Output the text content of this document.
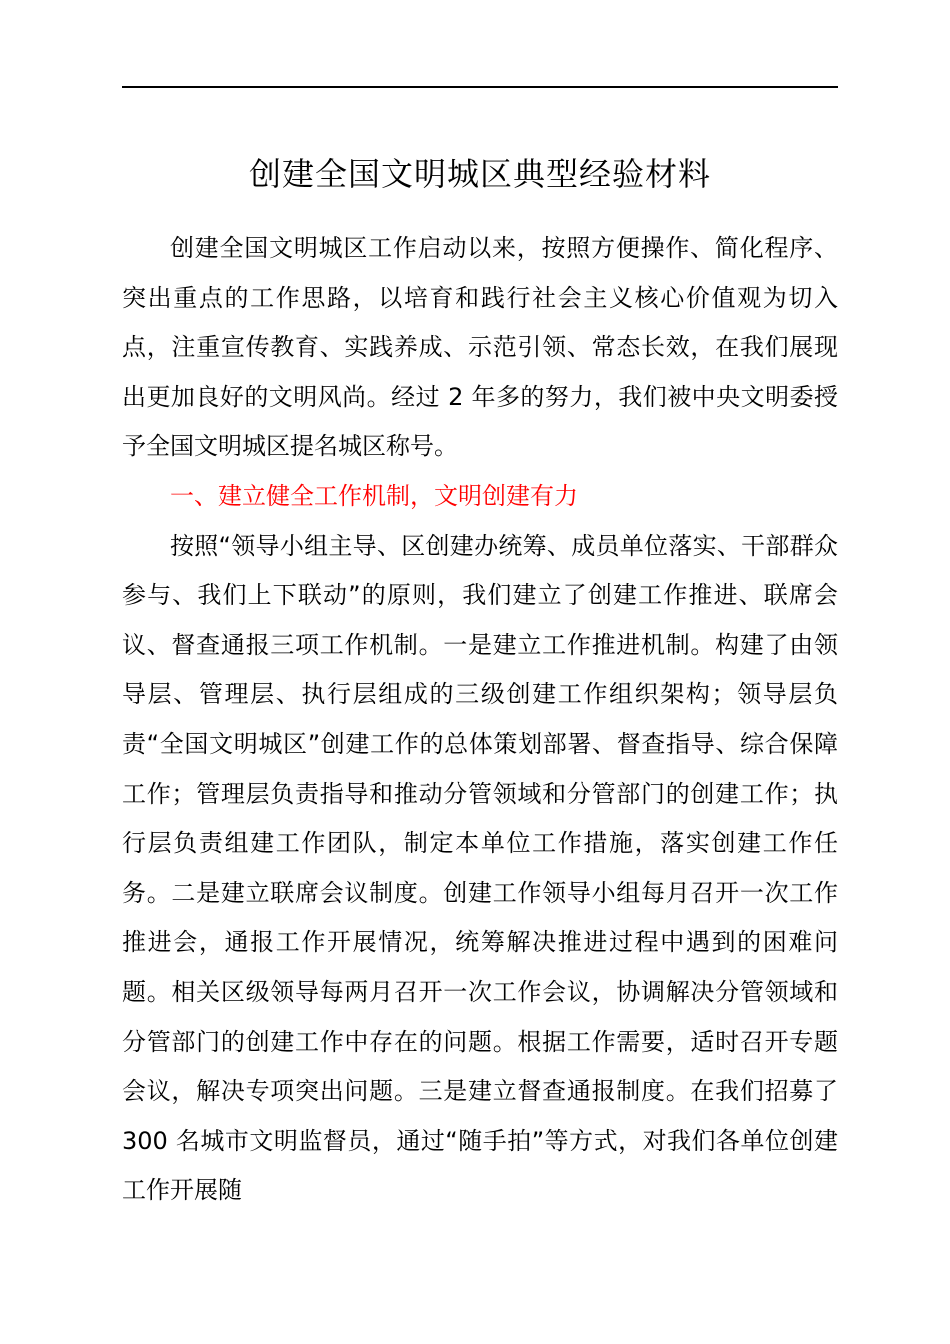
创建全国文明城区典型经验材料

创建全国文明城区工作启动以来，按照方便操作、简化程序、突出重点的工作思路，以培育和践行社会主义核心价值观为切入点，注重宣传教育、实践养成、示范引领、常态长效，在我们展现出更加良好的文明风尚。经过 2 年多的努力，我们被中央文明委授予全国文明城区提名城区称号。

一、建立健全工作机制，文明创建有力

按照“领导小组主导、区创建办统筹、成员单位落实、干部群众参与、我们上下联动”的原则，我们建立了创建工作推进、联席会议、督查通报三项工作机制。一是建立工作推进机制。构建了由领导层、管理层、执行层组成的三级创建工作组织架构；领导层负责“全国文明城区”创建工作的总体策划部署、督查指导、综合保障工作；管理层负责指导和推动分管领域和分管部门的创建工作；执行层负责组建工作团队，制定本单位工作措施，落实创建工作任务。二是建立联席会议制度。创建工作领导小组每月召开一次工作推进会，通报工作开展情况，统筹解决推进过程中遇到的困难问题。相关区级领导每两月召开一次工作会议，协调解决分管领域和分管部门的创建工作中存在的问题。根据工作需要，适时召开专题会议，解决专项突出问题。三是建立督查通报制度。在我们招募了 300 名城市文明监督员，通过“随手拍”等方式，对我们各单位创建工作开展随
